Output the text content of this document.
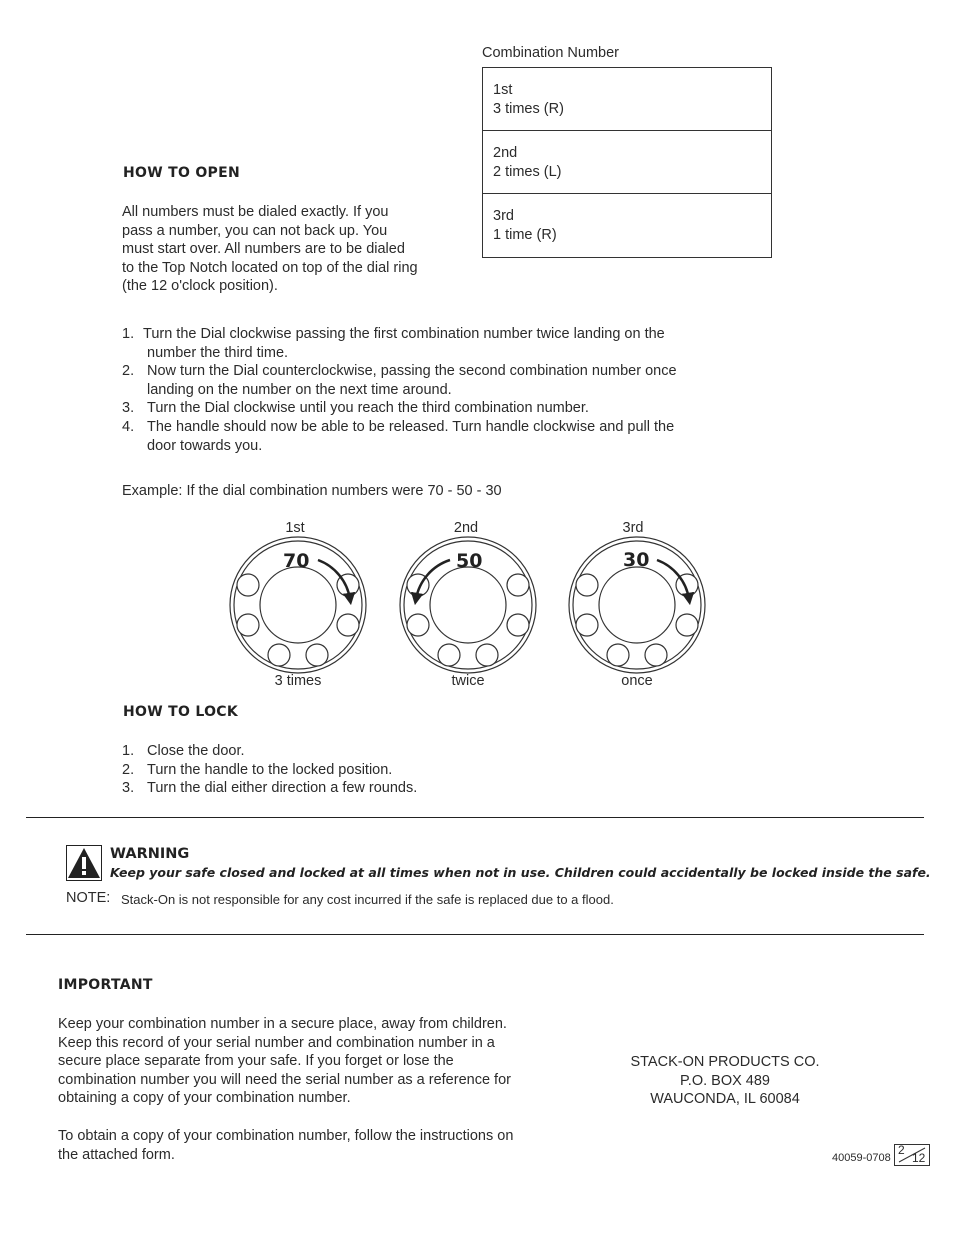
Combination Number
1st
3 times (R)
2nd
2 times (L)
3rd
1 time (R)
HOW TO OPEN
All numbers must be dialed exactly. If you
pass a number, you can not back up. You
must start over. All numbers are to be dialed
to the Top Notch located on top of the dial ring
(the 12 o'clock position).
1. Turn the Dial clockwise passing the first combination number twice landing on the
number the third time.
2. Now turn the Dial counterclockwise, passing the second combination number once
landing on the number on the next time around.
3. Turn the Dial clockwise until you reach the third combination number.
4. The handle should now be able to be released. Turn handle clockwise and pull the
door towards you.
Example: If the dial combination numbers were 70 - 50 - 30
1st	2nd	3rd
70	50	30
3 times	twice	once
HOW TO LOCK
1. Close the door.
2. Turn the handle to the locked position.
3. Turn the dial either direction a few rounds.
WARNING
Keep your safe closed and locked at all times when not in use. Children could accidentally be locked inside the safe.
NOTE: Stack-On is not responsible for any cost incurred if the safe is replaced due to a flood.
IMPORTANT
Keep your combination number in a secure place, away from children.
Keep this record of your serial number and combination number in a
secure place separate from your safe. If you forget or lose the
combination number you will need the serial number as a reference for
obtaining a copy of your combination number.
To obtain a copy of your combination number, follow the instructions on
the attached form.
STACK-ON PRODUCTS CO.
P.O. BOX 489
WAUCONDA, IL 60084
40059-0708
2
12
